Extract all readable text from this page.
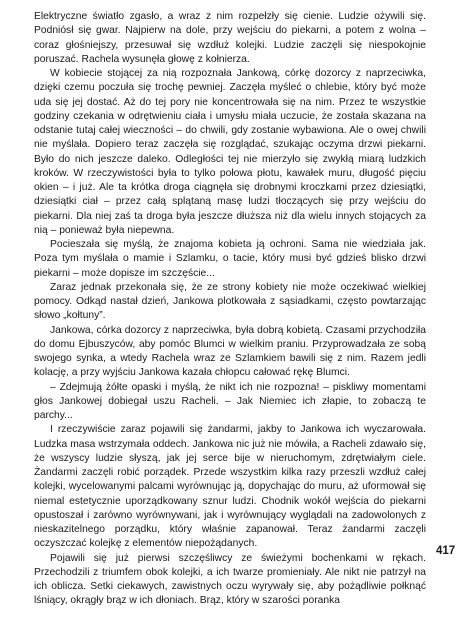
Elektryczne światło zgasło, a wraz z nim rozpełzły się cienie. Ludzie ożywili się. Podniósł się gwar. Najpierw na dole, przy wejściu do piekarni, a potem z wolna – coraz głośniejszy, przesuwał się wzdłuż kolejki. Ludzie zaczęli się niespokojnie poruszać. Rachela wysunęła głowę z kołnierza.

W kobiecie stojącej za nią rozpoznała Jankową, córkę dozorcy z naprzeciwka, dzięki czemu poczuła się trochę pewniej. Zaczęła myśleć o chlebie, który być może uda się jej dostać. Aż do tej pory nie koncentrowała się na nim. Przez te wszystkie godziny czekania w odrętwieniu ciała i umysłu miała uczucie, że została skazana na odstanie tutaj całej wieczności – do chwili, gdy zostanie wybawiona. Ale o owej chwili nie myślała. Dopiero teraz zaczęła się rozglądać, szukając oczyma drzwi piekarni. Było do nich jeszcze daleko. Odległości tej nie mierzyło się zwykłą miarą ludzkich kroków. W rzeczywistości była to tylko połowa płotu, kawałek muru, długość pięciu okien – i już. Ale ta krótka droga ciągnęła się drobnymi kroczkami przez dziesiątki, dziesiątki ciał – przez całą splątaną masę ludzi tłoczących się przy wejściu do piekarni. Dla niej zaś ta droga była jeszcze dłuższa niż dla wielu innych stojących za nią – ponieważ była niepewna.

Pocieszała się myślą, że znajoma kobieta ją ochroni. Sama nie wiedziała jak. Poza tym myślała o mamie i Szlamku, o tacie, który musi być gdzieś blisko drzwi piekarni – może dopisze im szczęście...

Zaraz jednak przekonała się, że ze strony kobiety nie może oczekiwać wielkiej pomocy. Odkąd nastał dzień, Jankowa plotkowała z sąsiadkami, często powtarzając słowo „kołtuny”.

Jankowa, córka dozorcy z naprzeciwka, była dobrą kobietą. Czasami przychodziła do domu Ejbuszyców, aby pomóc Blumci w wielkim praniu. Przyprowadzała ze sobą swojego synka, a wtedy Rachela wraz ze Szlamkiem bawili się z nim. Razem jedli kolację, a przy wyjściu Jankowa kazała chłopcu całować rękę Blumci.

– Zdejmują żółte opaski i myślą, że nikt ich nie rozpozna! – piskliwy momentami głos Jankowej dobiegał uszu Racheli. – Jak Niemiec ich złapie, to zobaczą te parchy...

I rzeczywiście zaraz pojawili się żandarmi, jakby to Jankowa ich wyczarowała. Ludzka masa wstrzymała oddech. Jankowa nic już nie mówiła, a Racheli zdawało się, że wszyscy ludzie słyszą, jak jej serce bije w nieruchomym, zdrętwiałym ciele. Żandarmi zaczęli robić porządek. Przede wszystkim kilka razy przeszli wzdłuż całej kolejki, wycelowanymi palcami wyrównując ją, dopychając do muru, aż uformował się niemal estetycznie uporządkowany sznur ludzi. Chodnik wokół wejścia do piekarni opustoszał i zarówno wyrównywani, jak i wyrównujący wyglądali na zadowolonych z nieskazitelnego porządku, który właśnie zapanował. Teraz żandarmi zaczęli oczyszczać kolejkę z elementów niepożądanych.

Pojawili się już pierwsi szczęśliwcy ze świeżymi bochenkami w rękach. Przechodzili z triumfem obok kolejki, a ich twarze promieniały. Ale nikt nie patrzył na ich oblicza. Setki ciekawych, zawistnych oczu wyrywały się, aby pożądliwie połknąć lśniący, okrągły brąz w ich dłoniach. Brąz, który w szarości poranka

417
